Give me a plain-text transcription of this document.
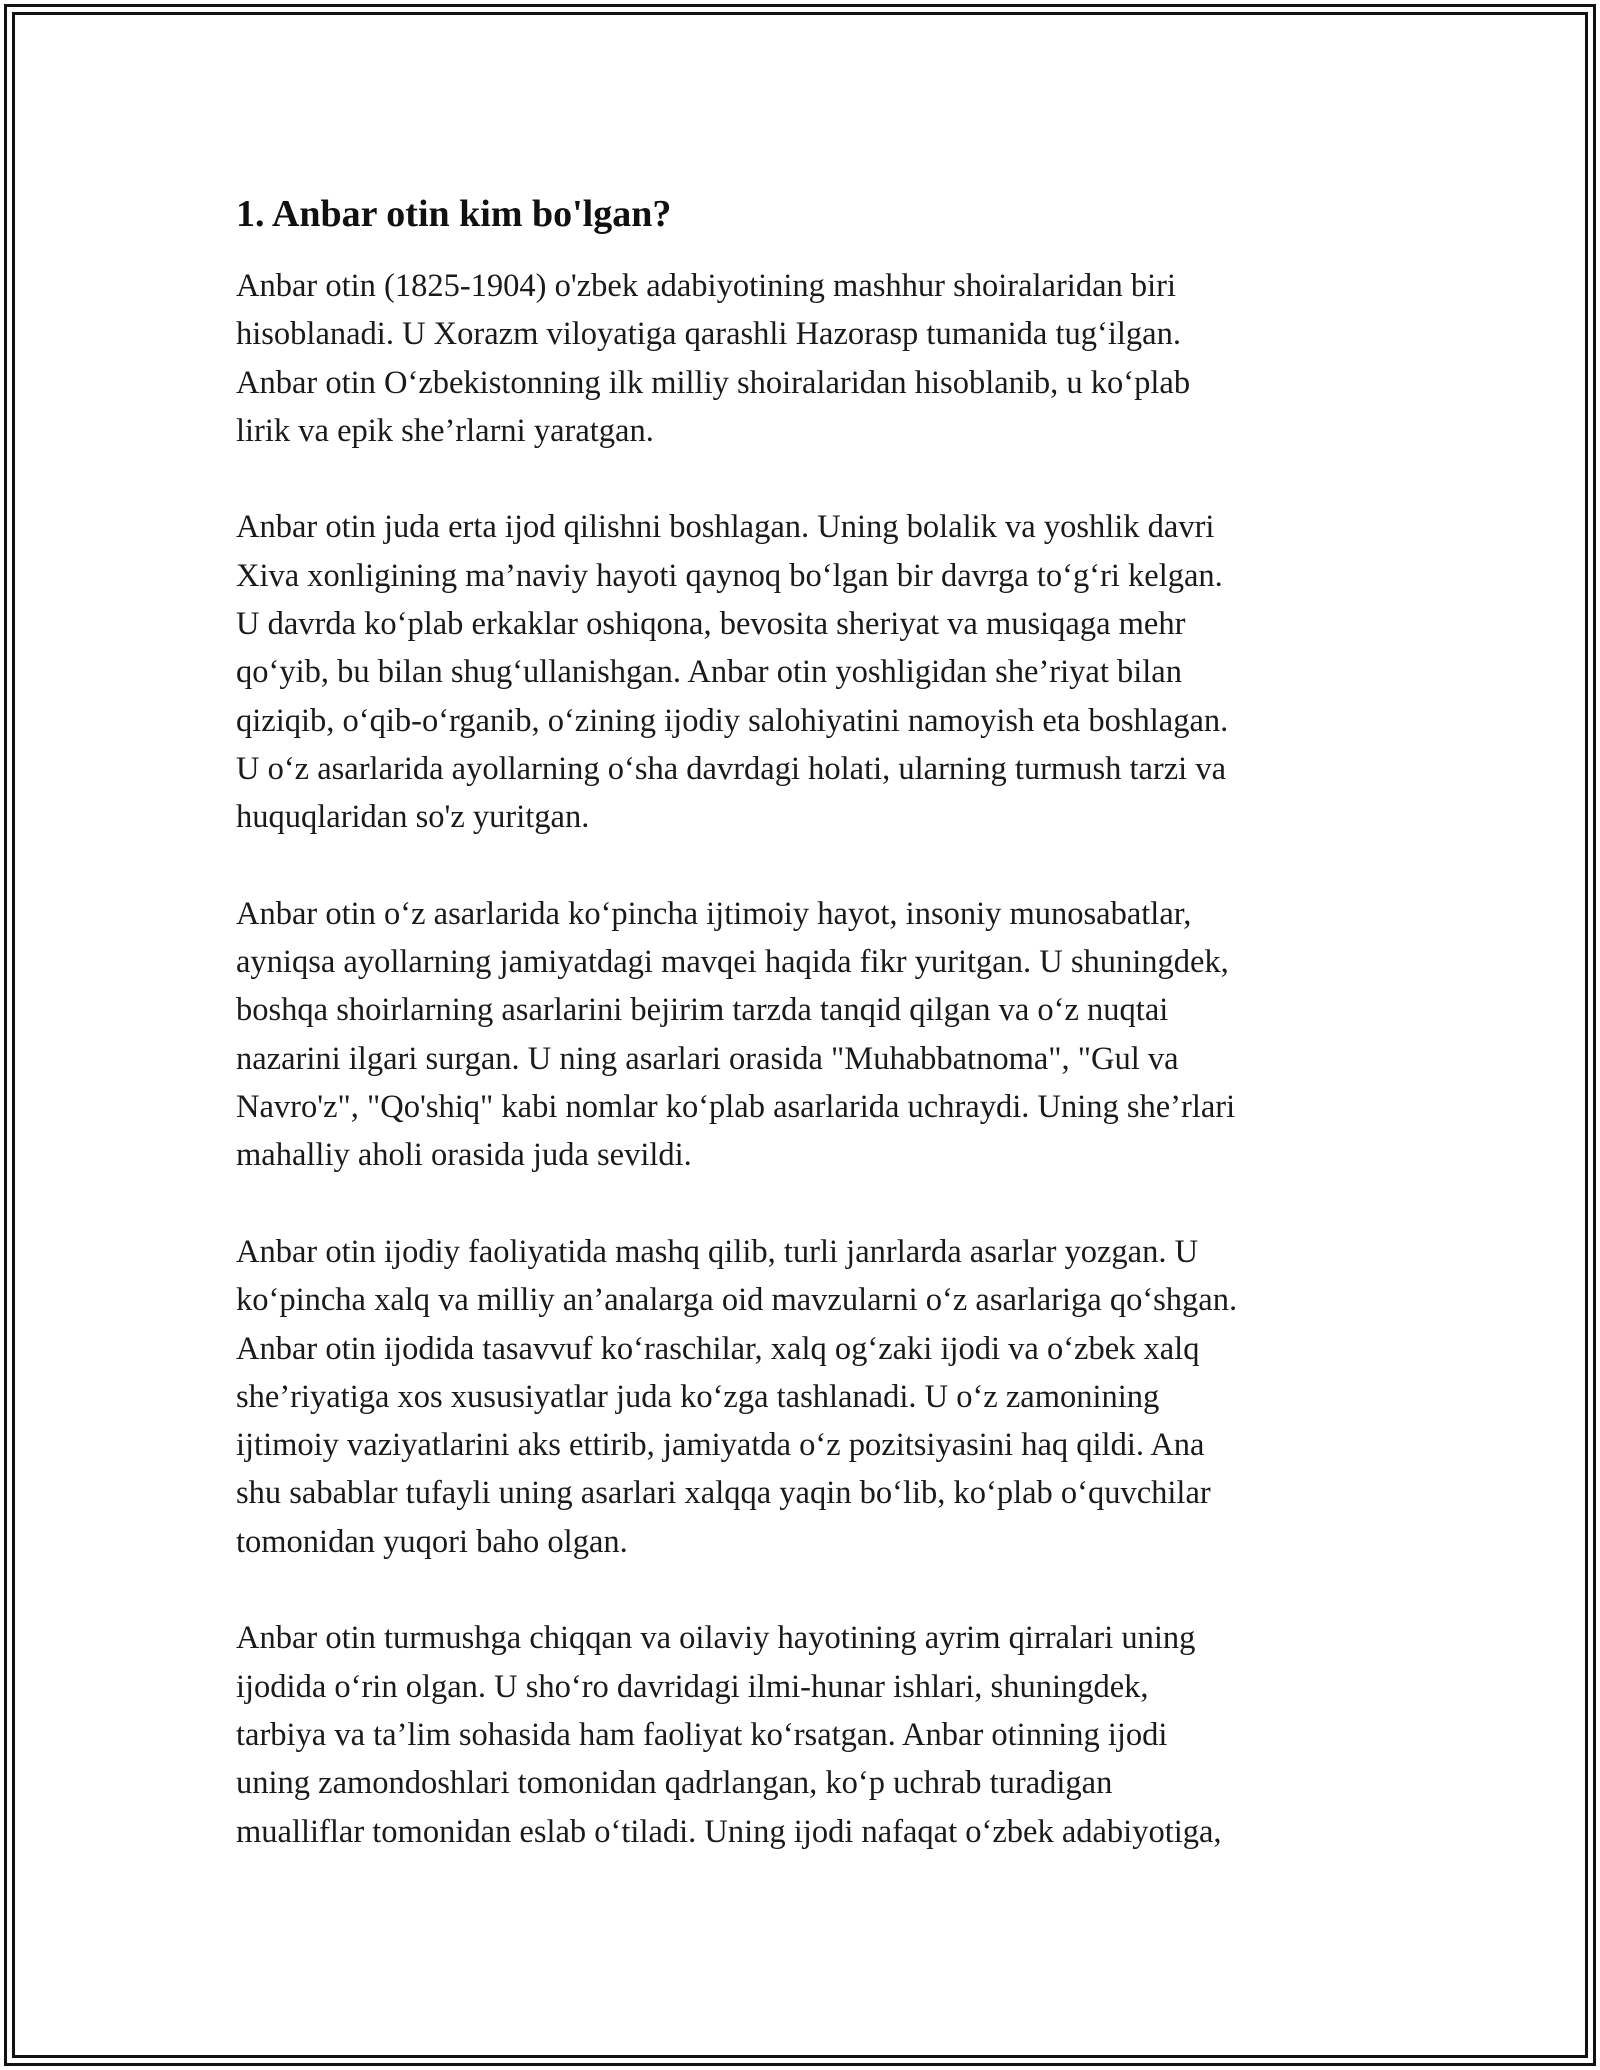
1. Anbar otin kim bo'lgan?

Anbar otin (1825-1904) o'zbek adabiyotining mashhur shoiralaridan biri
hisoblanadi. U Xorazm viloyatiga qarashli Hazorasp tumanida tug‘ilgan.
Anbar otin O‘zbekistonning ilk milliy shoiralaridan hisoblanib, u ko‘plab
lirik va epik she’rlarni yaratgan.

Anbar otin juda erta ijod qilishni boshlagan. Uning bolalik va yoshlik davri
Xiva xonligining ma’naviy hayoti qaynoq bo‘lgan bir davrga to‘g‘ri kelgan.
U davrda ko‘plab erkaklar oshiqona, bevosita sheriyat va musiqaga mehr
qo‘yib, bu bilan shug‘ullanishgan. Anbar otin yoshligidan she’riyat bilan
qiziqib, o‘qib-o‘rganib, o‘zining ijodiy salohiyatini namoyish eta boshlagan.
U o‘z asarlarida ayollarning o‘sha davrdagi holati, ularning turmush tarzi va
huquqlaridan so'z yuritgan.

Anbar otin o‘z asarlarida ko‘pincha ijtimoiy hayot, insoniy munosabatlar,
ayniqsa ayollarning jamiyatdagi mavqei haqida fikr yuritgan. U shuningdek,
boshqa shoirlarning asarlarini bejirim tarzda tanqid qilgan va o‘z nuqtai
nazarini ilgari surgan. U ning asarlari orasida "Muhabbatnoma", "Gul va
Navro'z", "Qo'shiq" kabi nomlar ko‘plab asarlarida uchraydi. Uning she’rlari
mahalliy aholi orasida juda sevildi.

Anbar otin ijodiy faoliyatida mashq qilib, turli janrlarda asarlar yozgan. U
ko‘pincha xalq va milliy an’analarga oid mavzularni o‘z asarlariga qo‘shgan.
Anbar otin ijodida tasavvuf ko‘raschilar, xalq og‘zaki ijodi va o‘zbek xalq
she’riyatiga xos xususiyatlar juda ko‘zga tashlanadi. U o‘z zamonining
ijtimoiy vaziyatlarini aks ettirib, jamiyatda o‘z pozitsiyasini haq qildi. Ana
shu sabablar tufayli uning asarlari xalqqa yaqin bo‘lib, ko‘plab o‘quvchilar
tomonidan yuqori baho olgan.

Anbar otin turmushga chiqqan va oilaviy hayotining ayrim qirralari uning
ijodida o‘rin olgan. U sho‘ro davridagi ilmi-hunar ishlari, shuningdek,
tarbiya va ta’lim sohasida ham faoliyat ko‘rsatgan. Anbar otinning ijodi
uning zamondoshlari tomonidan qadrlangan, ko‘p uchrab turadigan
mualliflar tomonidan eslab o‘tiladi. Uning ijodi nafaqat o‘zbek adabiyotiga,
